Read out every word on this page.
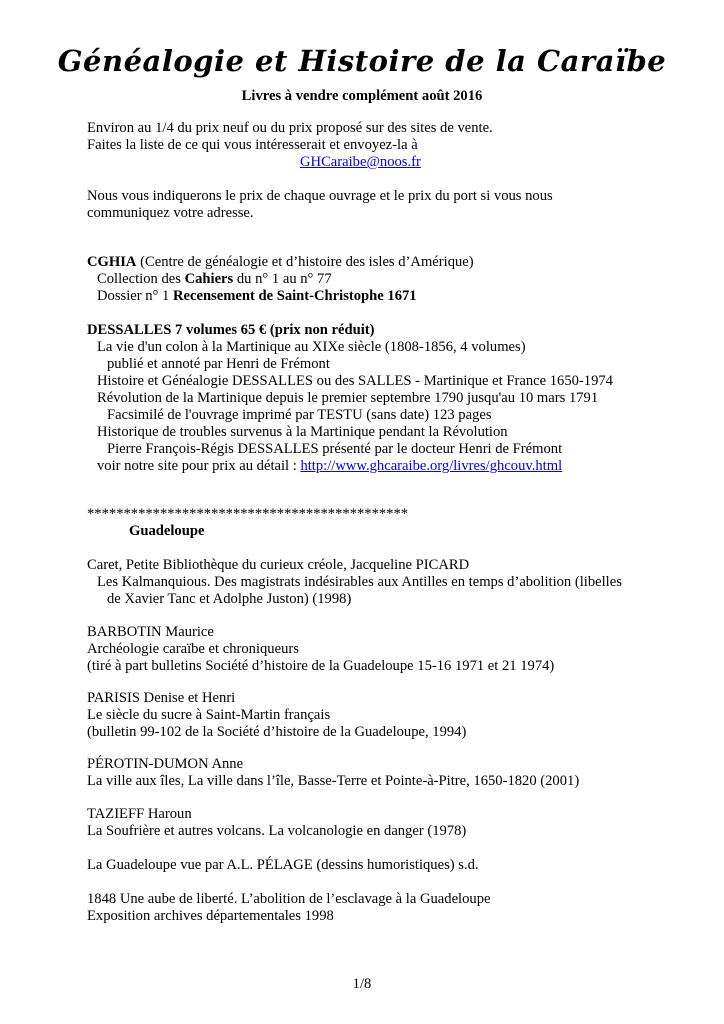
Généalogie et Histoire de la Caraïbe
Livres à vendre complément août 2016
Environ au 1/4 du prix neuf ou du prix proposé sur des sites de vente.
Faites la liste de ce qui vous intéresserait et envoyez-la à
GHCaraibe@noos.fr
Nous vous indiquerons le prix de chaque ouvrage et le prix du port si vous nous
communiquez votre adresse.
CGHIA (Centre de généalogie et d’histoire des isles d’Amérique)
Collection des Cahiers du n° 1 au n° 77
Dossier n° 1 Recensement de Saint-Christophe 1671
DESSALLES 7 volumes 65 € (prix non réduit)
La vie d'un colon à la Martinique au XIXe siècle (1808-1856, 4 volumes)
publié et annoté par Henri de Frémont
Histoire et Généalogie DESSALLES ou des SALLES - Martinique et France 1650-1974
Révolution de la Martinique depuis le premier septembre 1790 jusqu'au 10 mars 1791
Facsimilé de l'ouvrage imprimé par TESTU (sans date) 123 pages
Historique de troubles survenus à la Martinique pendant la Révolution
Pierre François-Régis DESSALLES présenté par le docteur Henri de Frémont
voir notre site pour prix au détail : http://www.ghcaraibe.org/livres/ghcouv.html
********************************************
Guadeloupe
Caret, Petite Bibliothèque du curieux créole, Jacqueline PICARD
Les Kalmanquious. Des magistrats indésirables aux Antilles en temps d’abolition (libelles
de Xavier Tanc et Adolphe Juston) (1998)
BARBOTIN Maurice
Archéologie caraïbe et chroniqueurs
(tiré à part bulletins Société d’histoire de la Guadeloupe 15-16 1971 et 21 1974)
PARISIS Denise et Henri
Le siècle du sucre à Saint-Martin français
(bulletin 99-102 de la Société d’histoire de la Guadeloupe, 1994)
PÉROTIN-DUMON Anne
La ville aux îles, La ville dans l’île, Basse-Terre et Pointe-à-Pitre, 1650-1820 (2001)
TAZIEFF Haroun
La Soufrière et autres volcans. La volcanologie en danger (1978)
La Guadeloupe vue par A.L. PÉLAGE (dessins humoristiques) s.d.
1848 Une aube de liberté. L’abolition de l’esclavage à la Guadeloupe
Exposition archives départementales 1998
1/8
